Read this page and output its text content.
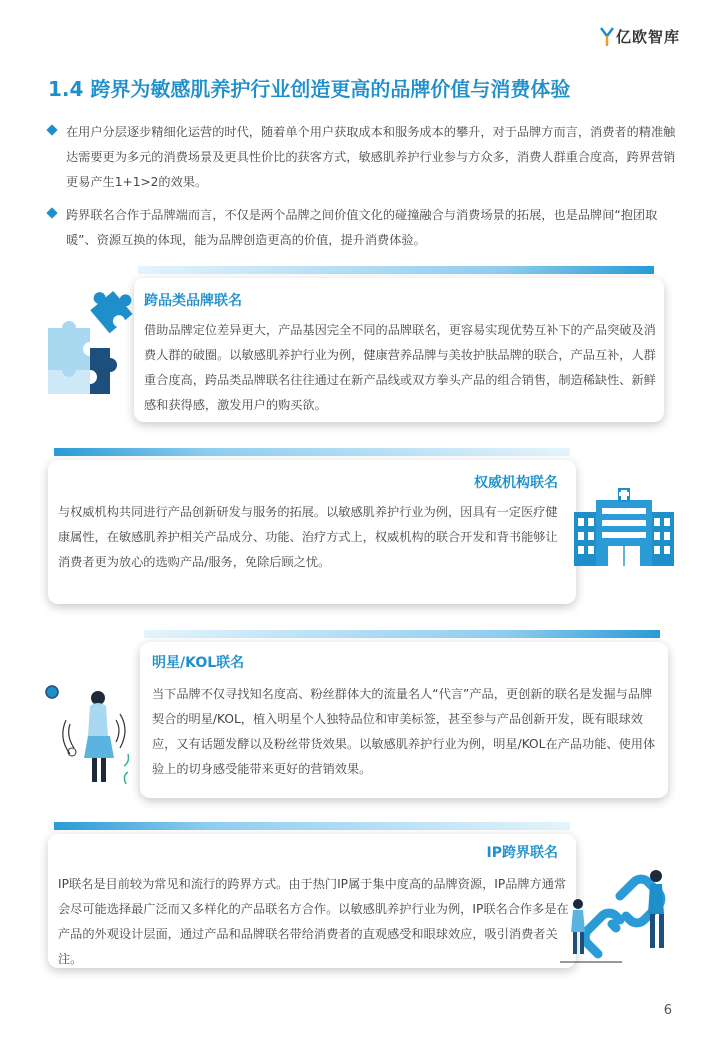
亿欧智库
1.4 跨界为敏感肌养护行业创造更高的品牌价值与消费体验

在用户分层逐步精细化运营的时代，随着单个用户获取成本和服务成本的攀升，对于品牌方而言，消费者的精准触达需要更为多元的消费场景及更具性价比的获客方式，敏感肌养护行业参与方众多，消费人群重合度高，跨界营销更易产生1+1>2的效果。

跨界联名合作于品牌端而言，不仅是两个品牌之间价值文化的碰撞融合与消费场景的拓展，也是品牌间“抱团取暖”、资源互换的体现，能为品牌创造更高的价值，提升消费体验。

跨品类品牌联名
借助品牌定位差异更大，产品基因完全不同的品牌联名，更容易实现优势互补下的产品突破及消费人群的破圈。以敏感肌养护行业为例，健康营养品牌与美妆护肤品牌的联合，产品互补，人群重合度高，跨品类品牌联名往往通过在新产品线或双方拳头产品的组合销售，制造稀缺性、新鲜感和获得感，激发用户的购买欲。
权威机构联名
与权威机构共同进行产品创新研发与服务的拓展。以敏感肌养护行业为例，因具有一定医疗健康属性，在敏感肌养护相关产品成分、功能、治疗方式上，权威机构的联合开发和背书能够让消费者更为放心的选购产品/服务，免除后顾之忧。
明星/KOL联名
当下品牌不仅寻找知名度高、粉丝群体大的流量名人“代言”产品，更创新的联名是发掘与品牌契合的明星/KOL，植入明星个人独特品位和审美标签，甚至参与产品创新开发，既有眼球效应，又有话题发酵以及粉丝带货效果。以敏感肌养护行业为例，明星/KOL在产品功能、使用体验上的切身感受能带来更好的营销效果。
IP跨界联名
IP联名是目前较为常见和流行的跨界方式。由于热门IP属于集中度高的品牌资源，IP品牌方通常会尽可能选择最广泛而又多样化的产品联名方合作。以敏感肌养护行业为例，IP联名合作多是在产品的外观设计层面，通过产品和品牌联名带给消费者的直观感受和眼球效应，吸引消费者关注。
6
